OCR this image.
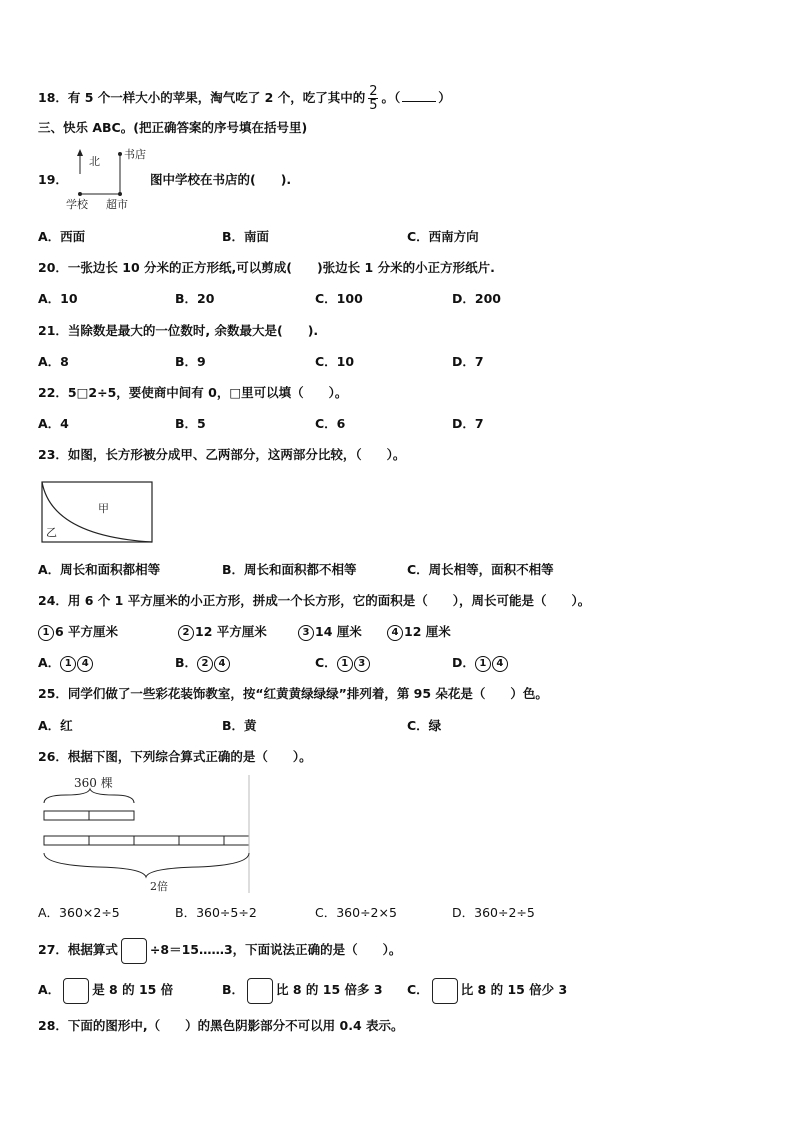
18．有 5 个一样大小的苹果，淘气吃了 2 个，吃了其中的 $\frac{2}{5}$ 。（	）
三、快乐 ABC。(把正确答案的序号填在括号里)
19．
北
书店
学校 超市
图中学校在书店的(　　).
A．西面	B．南面	C．西南方向
20．一张边长 10 分米的正方形纸,可以剪成(　　)张边长 1 分米的小正方形纸片.
A．10	B．20	C．100	D．200
21．当除数是最大的一位数时, 余数最大是(　　).
A．8	B．9	C．10	D．7
22．5□2÷5，要使商中间有 0，□里可以填（　　）。
A．4	B．5	C．6	D．7
23．如图，长方形被分成甲、乙两部分，这两部分比较，（　　）。
甲
乙
A．周长和面积都相等	B．周长和面积都不相等	C．周长相等，面积不相等
24．用 6 个 1 平方厘米的小正方形，拼成一个长方形，它的面积是（　　），周长可能是（　　）。
1 6 平方厘米	2 12 平方厘米	3 14 厘米	4 12 厘米
A． 1 4	B． 2 4	C． 1 3	D． 1 4
25．同学们做了一些彩花装饰教室，按“红黄黄绿绿绿”排列着，第 95 朵花是（　　）色。
A．红	B．黄	C．绿
26．根据下图，下列综合算式正确的是（　　）。
360 棵
2倍
A．360×2÷5	B．360÷5÷2	C．360÷2×5	D．360÷2÷5
27．根据算式	÷8＝15……3，下面说法正确的是（　　）。
A．	是 8 的 15 倍	B．	比 8 的 15 倍多 3 C．	比 8 的 15 倍少 3
28．下面的图形中,（　　）的黑色阴影部分不可以用 0.4 表示。
